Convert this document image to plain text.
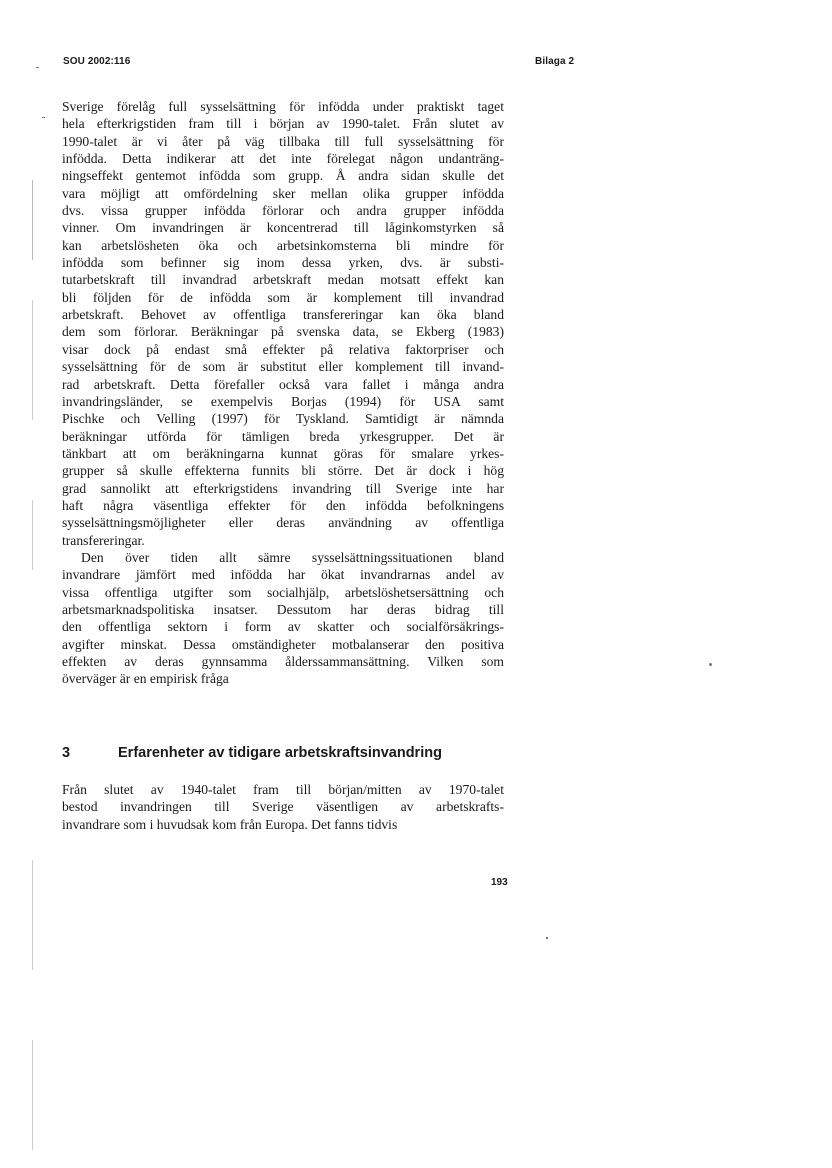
SOU 2002:116	Bilaga 2
Sverige förelåg full sysselsättning för infödda under praktiskt taget
hela efterkrigstiden fram till i början av 1990-talet. Från slutet av
1990-talet är vi åter på väg tillbaka till full sysselsättning för
infödda. Detta indikerar att det inte förelegat någon undanträng-
ningseffekt gentemot infödda som grupp. Å andra sidan skulle det
vara möjligt att omfördelning sker mellan olika grupper infödda
dvs. vissa grupper infödda förlorar och andra grupper infödda
vinner. Om invandringen är koncentrerad till låginkomstyrken så
kan arbetslösheten öka och arbetsinkomsterna bli mindre för
infödda som befinner sig inom dessa yrken, dvs. är substi-
tutarbetskraft till invandrad arbetskraft medan motsatt effekt kan
bli följden för de infödda som är komplement till invandrad
arbetskraft. Behovet av offentliga transfereringar kan öka bland
dem som förlorar. Beräkningar på svenska data, se Ekberg (1983)
visar dock på endast små effekter på relativa faktorpriser och
sysselsättning för de som är substitut eller komplement till invand-
rad arbetskraft. Detta förefaller också vara fallet i många andra
invandringsländer, se exempelvis Borjas (1994) för USA samt
Pischke och Velling (1997) för Tyskland. Samtidigt är nämnda
beräkningar utförda för tämligen breda yrkesgrupper. Det är
tänkbart att om beräkningarna kunnat göras för smalare yrkes-
grupper så skulle effekterna funnits bli större. Det är dock i hög
grad sannolikt att efterkrigstidens invandring till Sverige inte har
haft några väsentliga effekter för den infödda befolkningens
sysselsättningsmöjligheter eller deras användning av offentliga
transfereringar.
Den över tiden allt sämre sysselsättningssituationen bland
invandrare jämfört med infödda har ökat invandrarnas andel av
vissa offentliga utgifter som socialhjälp, arbetslöshetsersättning och
arbetsmarknadspolitiska insatser. Dessutom har deras bidrag till
den offentliga sektorn i form av skatter och socialförsäkrings-
avgifter minskat. Dessa omständigheter motbalanserar den positiva
effekten av deras gynnsamma ålderssammansättning. Vilken som
överväger är en empirisk fråga
3	Erfarenheter av tidigare arbetskraftsinvandring
Från slutet av 1940-talet fram till början/mitten av 1970-talet
bestod invandringen till Sverige väsentligen av arbetskrafts-
invandrare som i huvudsak kom från Europa. Det fanns tidvis
193
